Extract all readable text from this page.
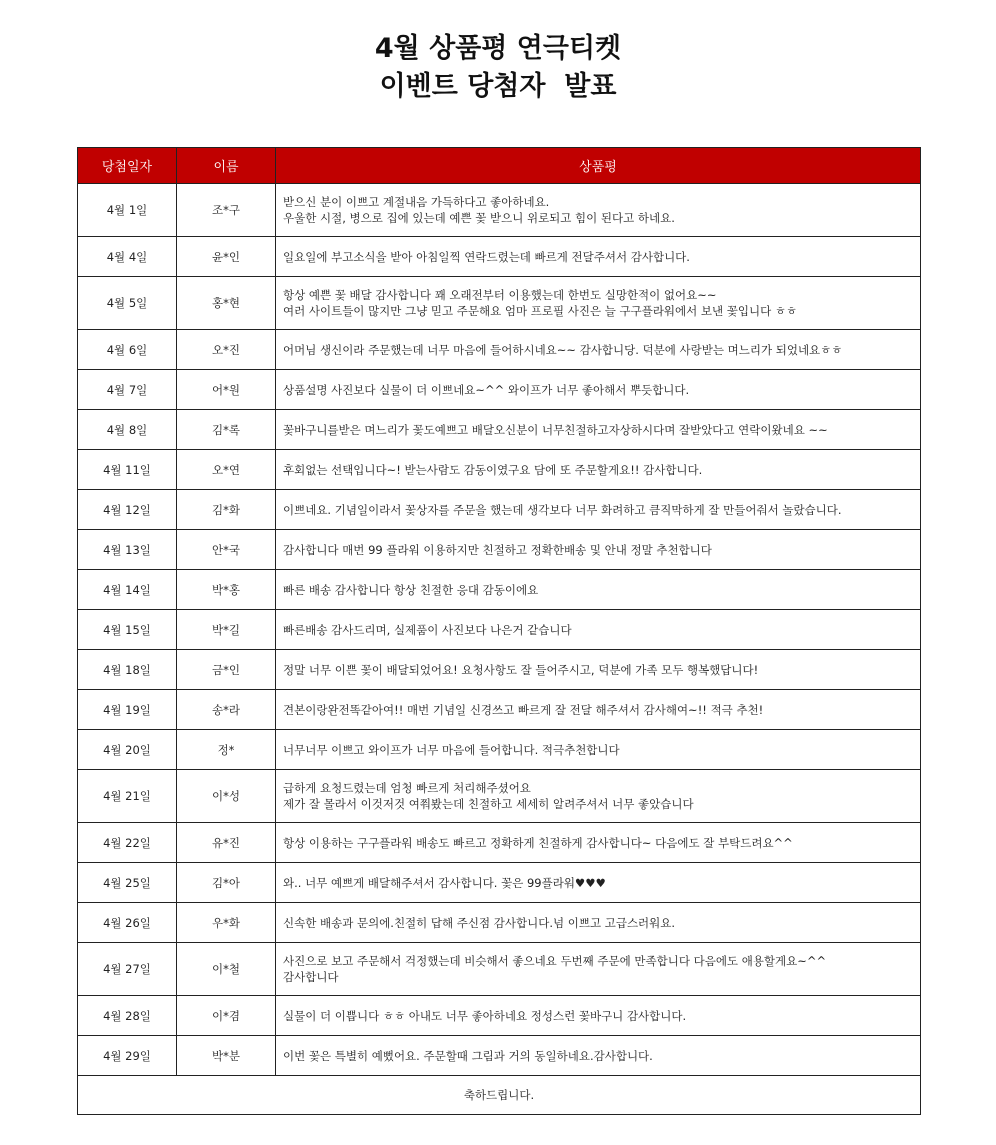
4월 상품평 연극티켓
이벤트 당첨자  발표
당첨일자	이름	상품평
4월 1일	조*구	받으신 분이 이쁘고 계절내음 가득하다고 좋아하네요.
우울한 시절, 병으로 집에 있는데 예쁜 꽃 받으니 위로되고 힘이 된다고 하네요.

4월 4일	윤*인	일요일에 부고소식을 받아 아침일찍 연락드렸는데 빠르게 전달주셔서 감사합니다.

4월 5일	홍*현	항상 예쁜 꽃 배달 감사합니다 꽤 오래전부터 이용했는데 한번도 실망한적이 없어요~~
여러 사이트들이 많지만 그냥 믿고 주문해요 엄마 프로필 사진은 늘 구구플라워에서 보낸 꽃입니다 ㅎㅎ

4월 6일	오*진	어머님 생신이라 주문했는데 너무 마음에 들어하시네요~~ 감사합니당. 덕분에 사랑받는 며느리가 되었네요ㅎㅎ

4월 7일	어*원	상품설명 사진보다 실물이 더 이쁘네요~^^ 와이프가 너무 좋아해서 뿌듯합니다.

4월 8일	김*록	꽃바구니를받은 며느리가 꽃도예쁘고 배달오신분이 너무친절하고자상하시다며 잘받았다고 연락이왔네요 ~~

4월 11일	오*연	후회없는 선택입니다~! 받는사람도 감동이였구요 담에 또 주문할게요!! 감사합니다.

4월 12일	김*화	이쁘네요. 기념일이라서 꽃상자를 주문을 했는데 생각보다 너무 화려하고 큼직막하게 잘 만들어줘서 놀랐습니다.

4월 13일	안*국	감사합니다 매번 99 플라워 이용하지만 친절하고 정확한배송 및 안내 정말 추천합니다

4월 14일	박*홍	빠른 배송 감사합니다 항상 친절한 응대 감동이에요

4월 15일	박*길	빠른배송 감사드리며, 실제품이 사진보다 나은거 같습니다

4월 18일	금*인	정말 너무 이쁜 꽃이 배달되었어요! 요청사항도 잘 들어주시고, 덕분에 가족 모두 행복했답니다!

4월 19일	송*라	견본이랑완전똑같아여!! 매번 기념일 신경쓰고 빠르게 잘 전달 해주셔서 감사해여~!! 적극 추천!

4월 20일	정*	너무너무 이쁘고 와이프가 너무 마음에 들어합니다. 적극추천합니다

4월 21일	이*성	급하게 요청드렸는데 엄청 빠르게 처리해주셨어요
제가 잘 몰라서 이것저것 여쭤봤는데 친절하고 세세히 알려주셔서 너무 좋았습니다

4월 22일	유*진	항상 이용하는 구구플라워 배송도 빠르고 정확하게 친절하게 감사합니다~ 다음에도 잘 부탁드려요^^

4월 25일	김*아	와.. 너무 예쁘게 배달해주셔서 감사합니다. 꽃은 99플라워♥♥♥

4월 26일	우*화	신속한 배송과 문의에.친절히 답해 주신점 감사합니다.넘 이쁘고 고급스러워요.

4월 27일	이*철	사진으로 보고 주문해서 걱정했는데 비슷해서 좋으네요 두번째 주문에 만족합니다 다음에도 애용할게요~^^
감사합니다

4월 28일	이*겸	실물이 더 이쁩니다 ㅎㅎ 아내도 너무 좋아하네요 정성스런 꽃바구니 감사합니다.

4월 29일	박*분	이번 꽃은 특별히 예뻤어요. 주문할때 그림과 거의 동일하네요.감사합니다.

축하드립니다.		
